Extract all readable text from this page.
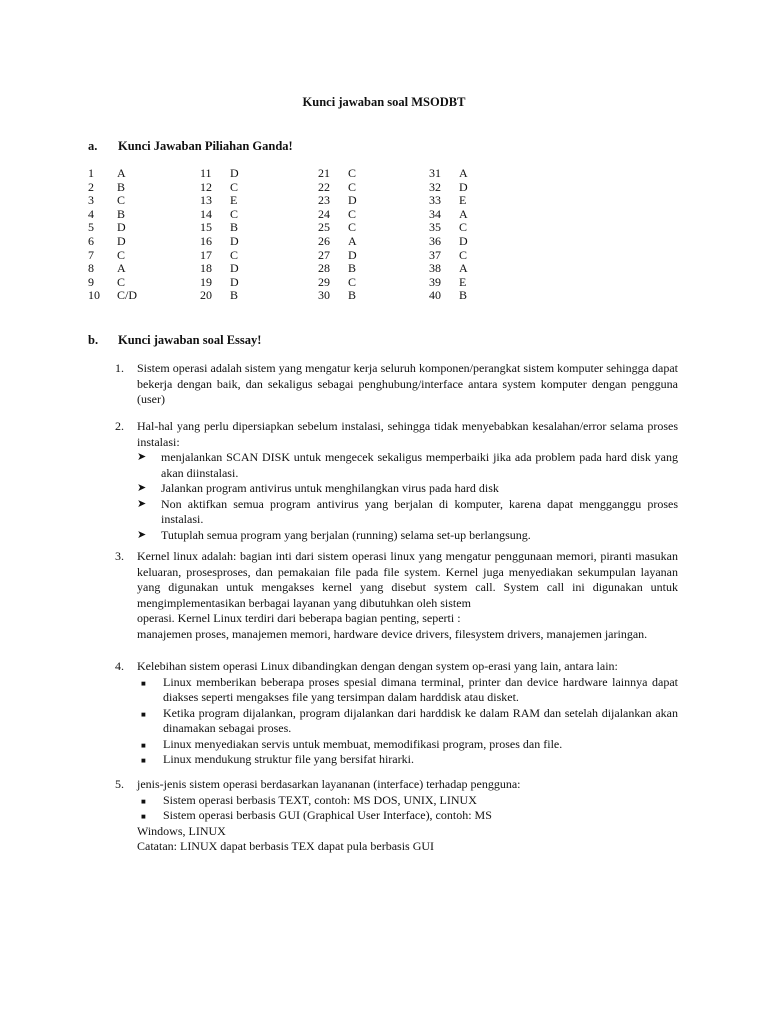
Kunci jawaban soal MSODBT
a. Kunci Jawaban Piliahan Ganda!
1 A
2 B
3 C
4 B
5 D
6 D
7 C
8 A
9 C
10 C/D
11 D
12 C
13 E
14 C
15 B
16 D
17 C
18 D
19 D
20 B
21 C
22 C
23 D
24 C
25 C
26 A
27 D
28 B
29 C
30 B
31 A
32 D
33 E
34 A
35 C
36 D
37 C
38 A
39 E
40 B
b. Kunci jawaban soal Essay!
1. Sistem operasi adalah sistem yang mengatur kerja seluruh komponen/perangkat sistem komputer sehingga dapat bekerja dengan baik, dan sekaligus sebagai penghubung/interface antara system komputer dengan pengguna (user)

2. Hal-hal yang perlu dipersiapkan sebelum instalasi, sehingga tidak menyebabkan kesalahan/error selama proses instalasi:

➤ menjalankan SCAN DISK untuk mengecek sekaligus memperbaiki jika ada problem pada hard disk yang akan diinstalasi.
➤ Jalankan program antivirus untuk menghilangkan virus pada hard disk
➤ Non aktifkan semua program antivirus yang berjalan di komputer, karena dapat mengganggu proses instalasi.
➤ Tutuplah semua program yang berjalan (running) selama set-up berlangsung.
3. Kernel linux adalah: bagian inti dari sistem operasi linux yang mengatur penggunaan memori, piranti masukan keluaran, prosesproses, dan pemakaian file pada file system. Kernel juga menyediakan sekumpulan layanan yang digunakan untuk mengakses kernel yang disebut system call. System call ini digunakan untuk mengimplementasikan berbagai layanan yang dibutuhkan oleh sistem

operasi. Kernel Linux terdiri dari beberapa bagian penting, seperti :

manajemen proses, manajemen memori, hardware device drivers, filesystem drivers, manajemen jaringan.

4. Kelebihan sistem operasi Linux dibandingkan dengan dengan system op-erasi yang lain, antara lain:

■ Linux memberikan beberapa proses spesial dimana terminal, printer dan device hardware lainnya dapat diakses seperti mengakses file yang tersimpan dalam harddisk atau disket.
■ Ketika program dijalankan, program dijalankan dari harddisk ke dalam RAM dan setelah dijalankan akan dinamakan sebagai proses.
■ Linux menyediakan servis untuk membuat, memodifikasi program, proses dan file.
■ Linux mendukung struktur file yang bersifat hirarki.
5. jenis-jenis sistem operasi berdasarkan layananan (interface) terhadap pengguna:

■ Sistem operasi berbasis TEXT, contoh: MS DOS, UNIX, LINUX
■ Sistem operasi berbasis GUI (Graphical User Interface), contoh: MS

Windows, LINUX

Catatan: LINUX dapat berbasis TEX dapat pula berbasis GUI
